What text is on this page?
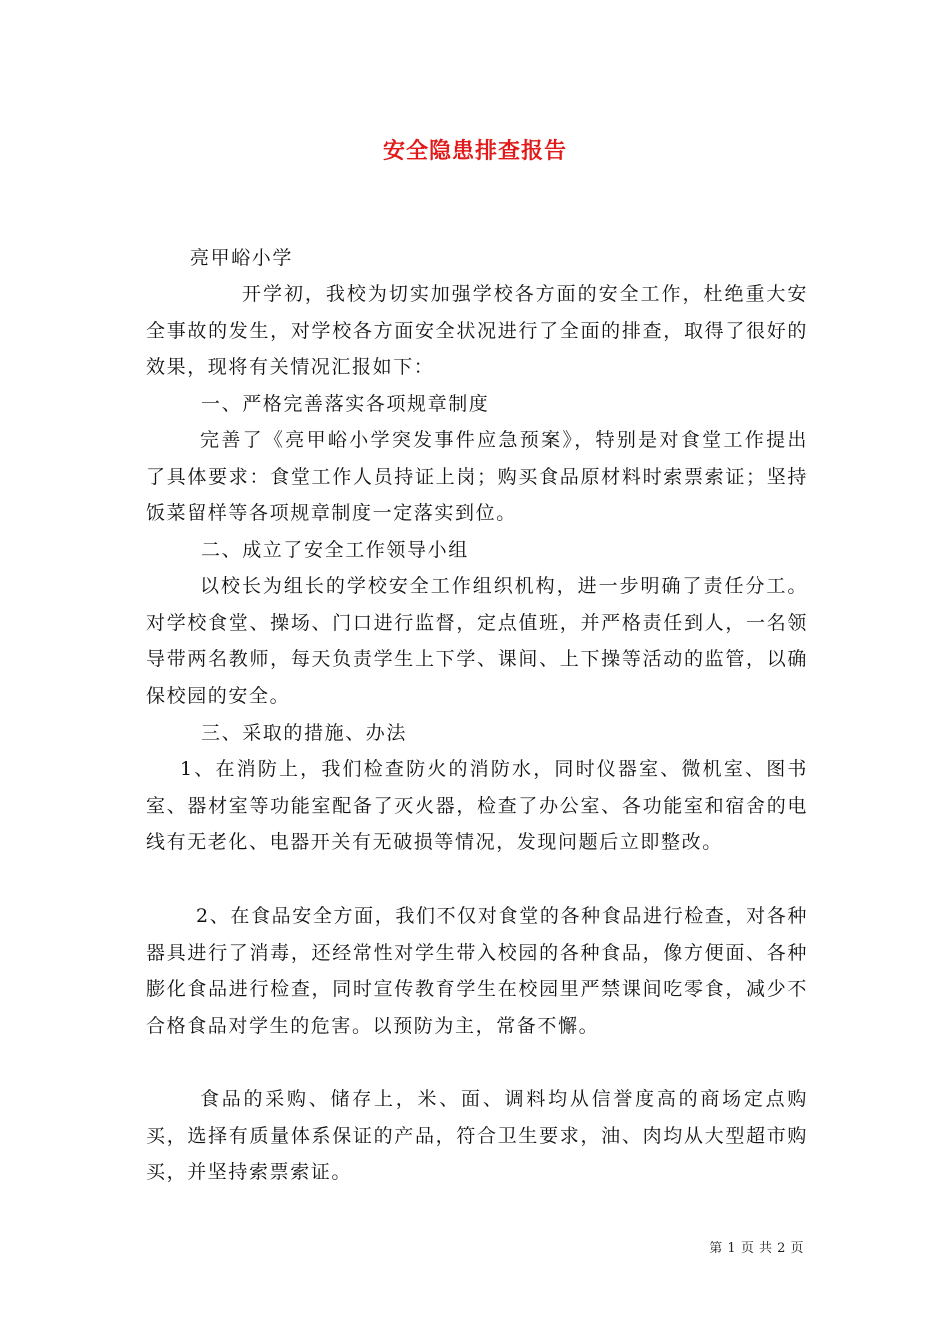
安全隐患排查报告
亮甲峪小学
开学初，我校为切实加强学校各方面的安全工作，杜绝重大安全事故的发生，对学校各方面安全状况进行了全面的排查，取得了很好的效果，现将有关情况汇报如下：
一、严格完善落实各项规章制度
完善了《亮甲峪小学突发事件应急预案》，特别是对食堂工作提出了具体要求：食堂工作人员持证上岗；购买食品原材料时索票索证；坚持饭菜留样等各项规章制度一定落实到位。
二、成立了安全工作领导小组
以校长为组长的学校安全工作组织机构，进一步明确了责任分工。对学校食堂、操场、门口进行监督，定点值班，并严格责任到人，一名领导带两名教师，每天负责学生上下学、课间、上下操等活动的监管，以确保校园的安全。
三、采取的措施、办法
1、在消防上，我们检查防火的消防水，同时仪器室、微机室、图书室、器材室等功能室配备了灭火器，检查了办公室、各功能室和宿舍的电线有无老化、电器开关有无破损等情况，发现问题后立即整改。
2、在食品安全方面，我们不仅对食堂的各种食品进行检查，对各种器具进行了消毒，还经常性对学生带入校园的各种食品，像方便面、各种膨化食品进行检查，同时宣传教育学生在校园里严禁课间吃零食，减少不合格食品对学生的危害。以预防为主，常备不懈。
食品的采购、储存上，米、面、调料均从信誉度高的商场定点购买，选择有质量体系保证的产品，符合卫生要求，油、肉均从大型超市购买，并坚持索票索证。
第 1 页 共 2 页
